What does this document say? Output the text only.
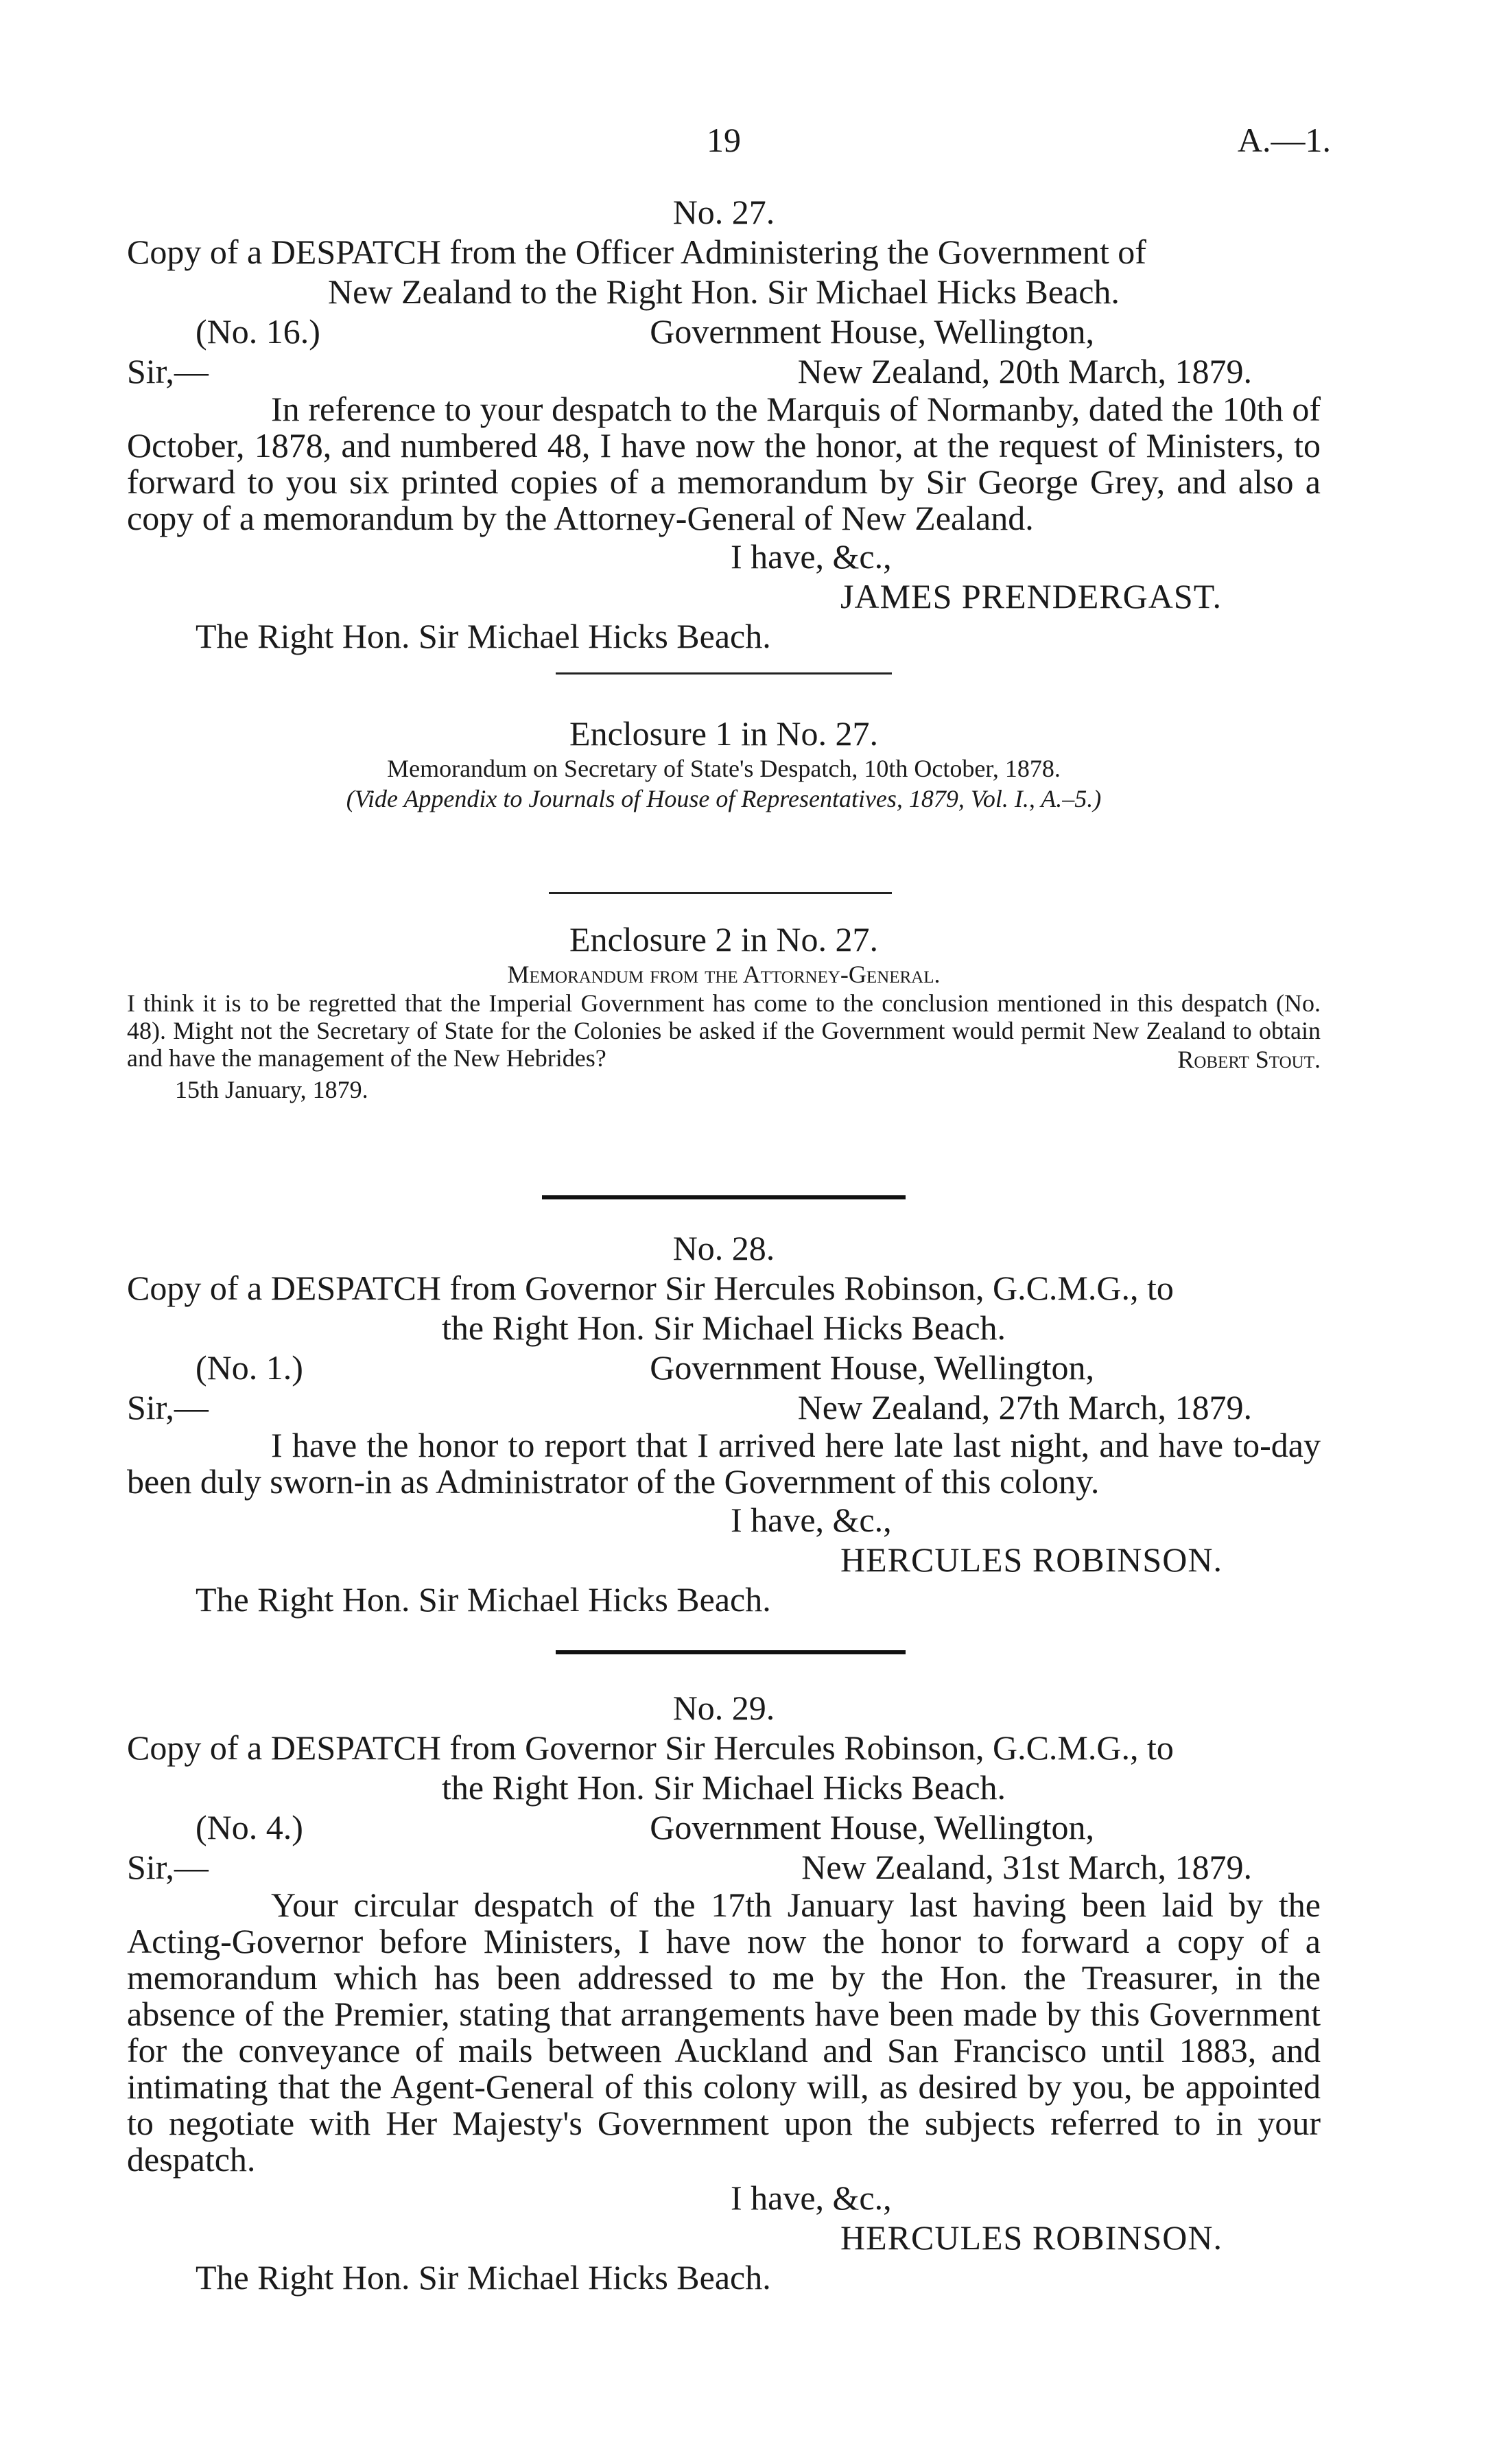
19	A.—1.
No. 27.
Copy of a DESPATCH from the Officer Administering the Government of
New Zealand to the Right Hon. Sir Michael Hicks Beach.
(No. 16.)	Government House, Wellington,
Sir,—	New Zealand, 20th March, 1879.

In reference to your despatch to the Marquis of Normanby, dated the 10th of October, 1878, and numbered 48, I have now the honor, at the request of Ministers, to forward to you six printed copies of a memorandum by Sir George Grey, and also a copy of a memorandum by the Attorney-General of New Zealand.

I have, &c.,
JAMES PRENDERGAST.
The Right Hon. Sir Michael Hicks Beach.
Enclosure 1 in No. 27.
Memorandum on Secretary of State's Despatch, 10th October, 1878.
(Vide Appendix to Journals of House of Representatives, 1879, Vol. I., A.–5.)
Enclosure 2 in No. 27.
Memorandum from the Attorney-General.

I think it is to be regretted that the Imperial Government has come to the conclusion mentioned in this despatch (No. 48). Might not the Secretary of State for the Colonies be asked if the Government would permit New Zealand to obtain and have the management of the New Hebrides?	Robert Stout.
15th January, 1879.
No. 28.
Copy of a DESPATCH from Governor Sir Hercules Robinson, G.C.M.G., to
the Right Hon. Sir Michael Hicks Beach.
(No. 1.)	Government House, Wellington,
Sir,—	New Zealand, 27th March, 1879.

I have the honor to report that I arrived here late last night, and have to-day been duly sworn-in as Administrator of the Government of this colony.

I have, &c.,
HERCULES ROBINSON.
The Right Hon. Sir Michael Hicks Beach.
No. 29.
Copy of a DESPATCH from Governor Sir Hercules Robinson, G.C.M.G., to
the Right Hon. Sir Michael Hicks Beach.
(No. 4.)	Government House, Wellington,
Sir,—	New Zealand, 31st March, 1879.

Your circular despatch of the 17th January last having been laid by the Acting-Governor before Ministers, I have now the honor to forward a copy of a memorandum which has been addressed to me by the Hon. the Treasurer, in the absence of the Premier, stating that arrangements have been made by this Government for the conveyance of mails between Auckland and San Francisco until 1883, and intimating that the Agent-General of this colony will, as desired by you, be appointed to negotiate with Her Majesty's Government upon the subjects referred to in your despatch.

I have, &c.,
HERCULES ROBINSON.
The Right Hon. Sir Michael Hicks Beach.
